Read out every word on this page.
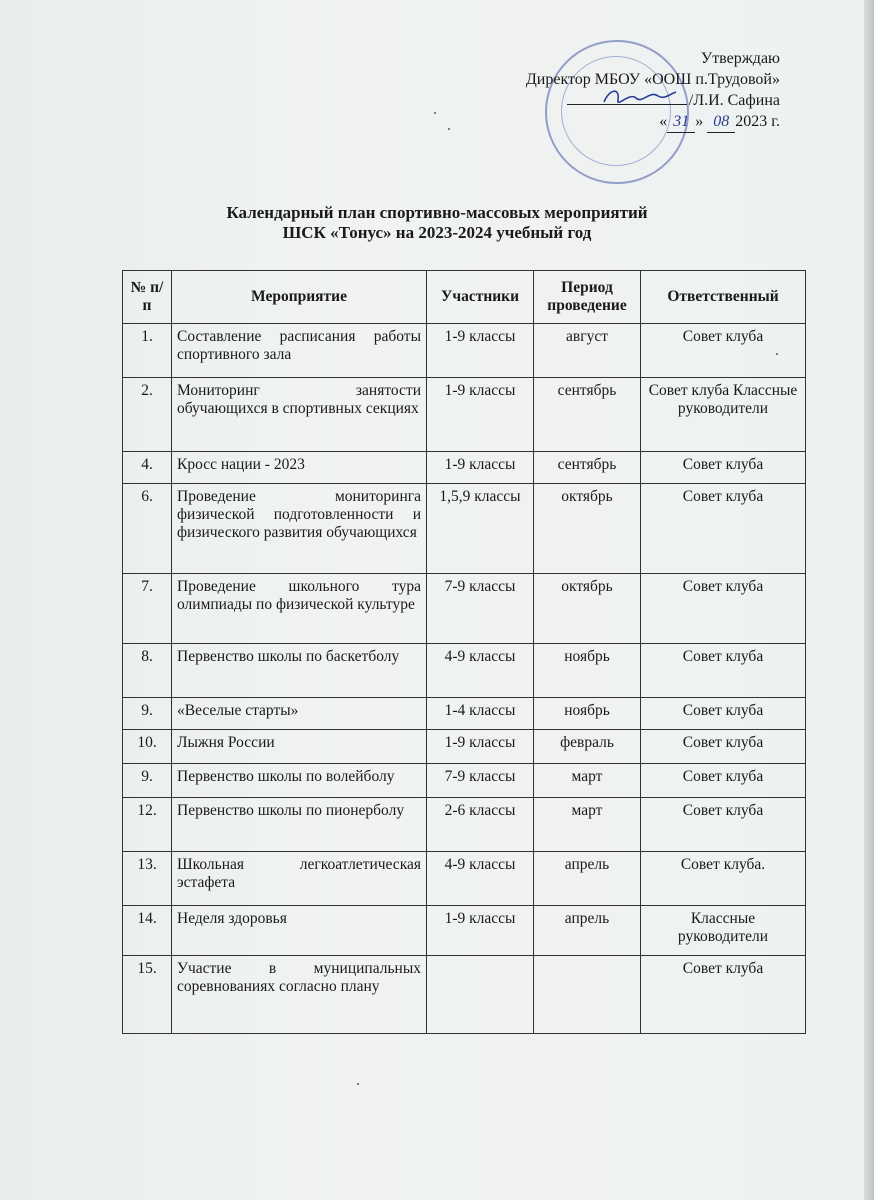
Утверждаю
Директор МБОУ «ООШ п.Трудовой»
/Л.И. Сафина
« 31 » 08 2023 г.
Календарный план спортивно-массовых мероприятий
ШСК «Тонус» на 2023-2024 учебный год
№ п/п	Мероприятие	Участники	Период проведение	Ответственный
1.	Составление расписания работы спортивного зала	1-9 классы	август	Совет клуба
2.	Мониторинг занятости обучающихся в спортивных секциях	1-9 классы	сентябрь	Совет клуба Классные руководители
4.	Кросс нации - 2023	1-9 классы	сентябрь	Совет клуба
6.	Проведение мониторинга физической подготовленности и физического развития обучающихся	1,5,9 классы	октябрь	Совет клуба
7.	Проведение школьного тура олимпиады по физической культуре	7-9 классы	октябрь	Совет клуба
8.	Первенство школы по баскетболу	4-9 классы	ноябрь	Совет клуба
9.	«Веселые старты»	1-4 классы	ноябрь	Совет клуба
10.	Лыжня России	1-9 классы	февраль	Совет клуба
9.	Первенство школы по волейболу	7-9 классы	март	Совет клуба
12.	Первенство школы по пионерболу	2-6 классы	март	Совет клуба
13.	Школьная легкоатлетическая эстафета	4-9 классы	апрель	Совет клуба.
14.	Неделя здоровья	1-9 классы	апрель	Классные руководители
15.	Участие в муниципальных соревнованиях согласно плану			Совет клуба
